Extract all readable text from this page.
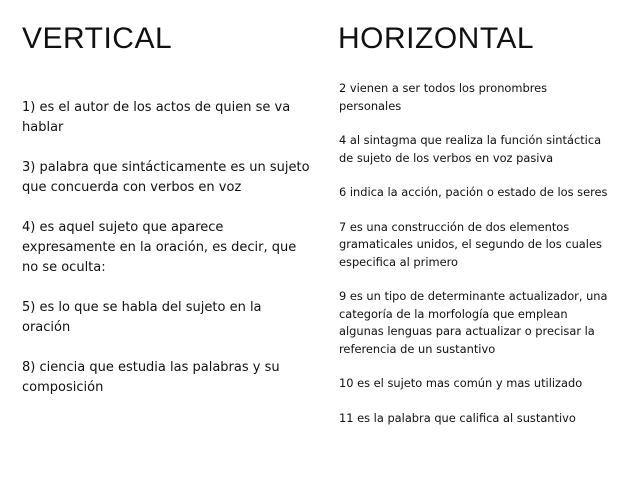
VERTICAL	HORIZONTAL
1) es el autor de los actos de quien se va hablar
3) palabra que sintácticamente es un sujeto que concuerda con verbos en voz
4) es aquel sujeto que aparece expresamente en la oración, es decir, que no se oculta:
5) es lo que se habla del sujeto en la oración
8) ciencia que estudia las palabras y su composición
2 vienen a ser todos los pronombres personales
4 al sintagma que realiza la función sintáctica de sujeto de los verbos en voz pasiva
6 indica la acción, pación o estado de los seres
7 es una construcción de dos elementos gramaticales unidos, el segundo de los cuales especifica al primero
9 es un tipo de determinante actualizador, una categoría de la morfología que emplean algunas lenguas para actualizar o precisar la referencia de un sustantivo
10 es el sujeto mas común y mas utilizado
11 es la palabra que califica al sustantivo
